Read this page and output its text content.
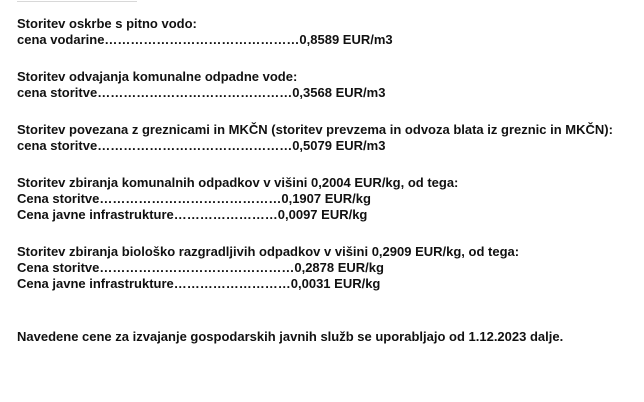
Storitev oskrbe s pitno vodo:
cena vodarine………………………………………0,8589 EUR/m3
Storitev odvajanja komunalne odpadne vode:
cena storitve………………………………………0,3568 EUR/m3
Storitev povezana z greznicami in MKČN (storitev prevzema in odvoza blata iz greznic in MKČN):
cena storitve………………………………………0,5079 EUR/m3
Storitev zbiranja komunalnih odpadkov v višini 0,2004 EUR/kg, od tega:
Cena storitve……………………………………0,1907 EUR/kg
Cena javne infrastrukture……………………0,0097 EUR/kg
Storitev zbiranja biološko razgradljivih odpadkov v višini 0,2909 EUR/kg, od tega:
Cena storitve………………………………………0,2878 EUR/kg
Cena javne infrastrukture………………………0,0031 EUR/kg
Navedene cene za izvajanje gospodarskih javnih služb se uporabljajo od 1.12.2023 dalje.
